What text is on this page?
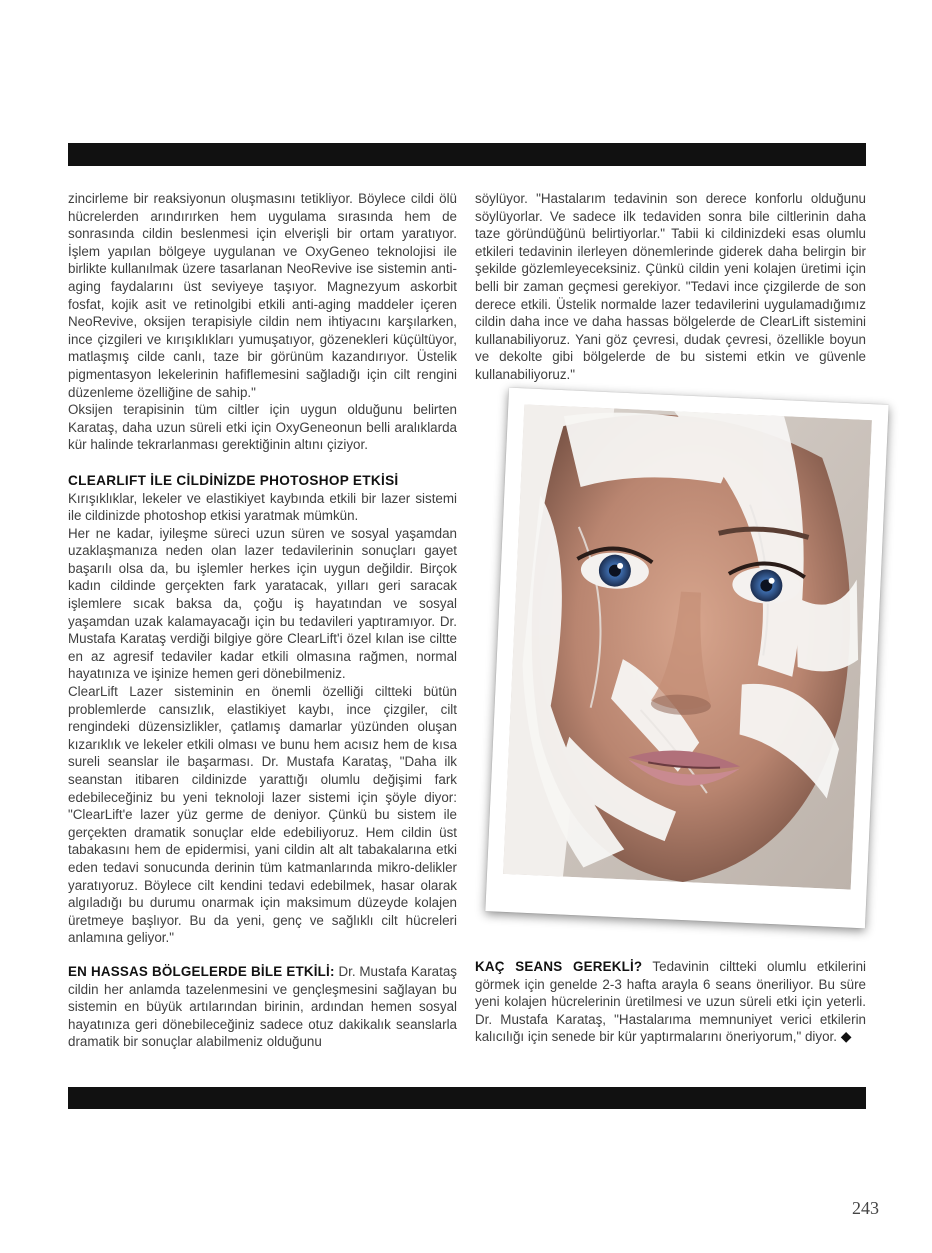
zincirleme bir reaksiyonun oluşmasını tetikliyor. Böylece cildi ölü hücrelerden arındırırken hem uygulama sırasında hem de sonrasında cildin beslenmesi için elverişli bir ortam yaratıyor. İşlem yapılan bölgeye uygulanan ve OxyGeneo teknolojisi ile birlikte kullanılmak üzere tasarlanan NeoRevive ise sistemin anti-aging faydalarını üst seviyeye taşıyor. Magnezyum askorbit fosfat, kojik asit ve retinolgibi etkili anti-aging maddeler içeren NeoRevive, oksijen terapisiyle cildin nem ihtiyacını karşılarken, ince çizgileri ve kırışıklıkları yumuşatıyor, gözenekleri küçültüyor, matlaşmış cilde canlı, taze bir görünüm kazandırıyor. Üstelik pigmentasyon lekelerinin hafiflemesini sağladığı için cilt rengini düzenleme özelliğine de sahip."

Oksijen terapisinin tüm ciltler için uygun olduğunu belirten Karataş, daha uzun süreli etki için OxyGeneonun belli aralıklarda kür halinde tekrarlanması gerektiğinin altını çiziyor.

CLEARLIFT İLE CİLDİNİZDE PHOTOSHOP ETKİSİ

Kırışıklıklar, lekeler ve elastikiyet kaybında etkili bir lazer sistemi ile cildinizde photoshop etkisi yaratmak mümkün.

Her ne kadar, iyileşme süreci uzun süren ve sosyal yaşamdan uzaklaşmanıza neden olan lazer tedavilerinin sonuçları gayet başarılı olsa da, bu işlemler herkes için uygun değildir. Birçok kadın cildinde gerçekten fark yaratacak, yılları geri saracak işlemlere sıcak baksa da, çoğu iş hayatından ve sosyal yaşamdan uzak kalamayacağı için bu tedavileri yaptıramıyor. Dr. Mustafa Karataş verdiği bilgiye göre ClearLift'i özel kılan ise ciltte en az agresif tedaviler kadar etkili olmasına rağmen, normal hayatınıza ve işinize hemen geri dönebilmeniz.

ClearLift Lazer sisteminin en önemli özelliği ciltteki bütün problemlerde cansızlık, elastikiyet kaybı, ince çizgiler, cilt rengindeki düzensizlikler, çatlamış damarlar yüzünden oluşan kızarıklık ve lekeler etkili olması ve bunu hem acısız hem de kısa sureli seanslar ile başarması. Dr. Mustafa Karataş, "Daha ilk seanstan itibaren cildinizde yarattığı olumlu değişimi fark edebileceğiniz bu yeni teknoloji lazer sistemi için şöyle diyor: "ClearLift'e lazer yüz germe de deniyor. Çünkü bu sistem ile gerçekten dramatik sonuçlar elde edebiliyoruz. Hem cildin üst tabakasını hem de epidermisi, yani cildin alt alt tabakalarına etki eden tedavi sonucunda derinin tüm katmanlarında mikro-delikler yaratıyoruz. Böylece cilt kendini tedavi edebilmek, hasar olarak algıladığı bu durumu onarmak için maksimum düzeyde kolajen üretmeye başlıyor. Bu da yeni, genç ve sağlıklı cilt hücreleri anlamına geliyor."

EN HASSAS BÖLGELERDE BİLE ETKİLİ: Dr. Mustafa Karataş cildin her anlamda tazelenmesini ve gençleşmesini sağlayan bu sistemin en büyük artılarından birinin, ardından hemen sosyal hayatınıza geri dönebileceğiniz sadece otuz dakikalık seanslarla dramatik bir sonuçlar alabilmeniz olduğunu

söylüyor. "Hastalarım tedavinin son derece konforlu olduğunu söylüyorlar. Ve sadece ilk tedaviden sonra bile ciltlerinin daha taze göründüğünü belirtiyorlar." Tabii ki cildinizdeki esas olumlu etkileri tedavinin ilerleyen dönemlerinde giderek daha belirgin bir şekilde gözlemleyeceksiniz. Çünkü cildin yeni kolajen üretimi için belli bir zaman geçmesi gerekiyor. "Tedavi ince çizgilerde de son derece etkili. Üstelik normalde lazer tedavilerini uygulamadığımız cildin daha ince ve daha hassas bölgelerde de ClearLift sistemini kullanabiliyoruz. Yani göz çevresi, dudak çevresi, özellikle boyun ve dekolte gibi bölgelerde de bu sistemi etkin ve güvenle kullanabiliyoruz."

KAÇ SEANS GEREKLİ? Tedavinin ciltteki olumlu etkilerini görmek için genelde 2-3 hafta arayla 6 seans öneriliyor. Bu süre yeni kolajen hücrelerinin üretilmesi ve uzun süreli etki için yeterli. Dr. Mustafa Karataş, "Hastalarıma memnuniyet verici etkilerin kalıcılığı için senede bir kür yaptırmalarını öneriyorum," diyor. ◆

243
